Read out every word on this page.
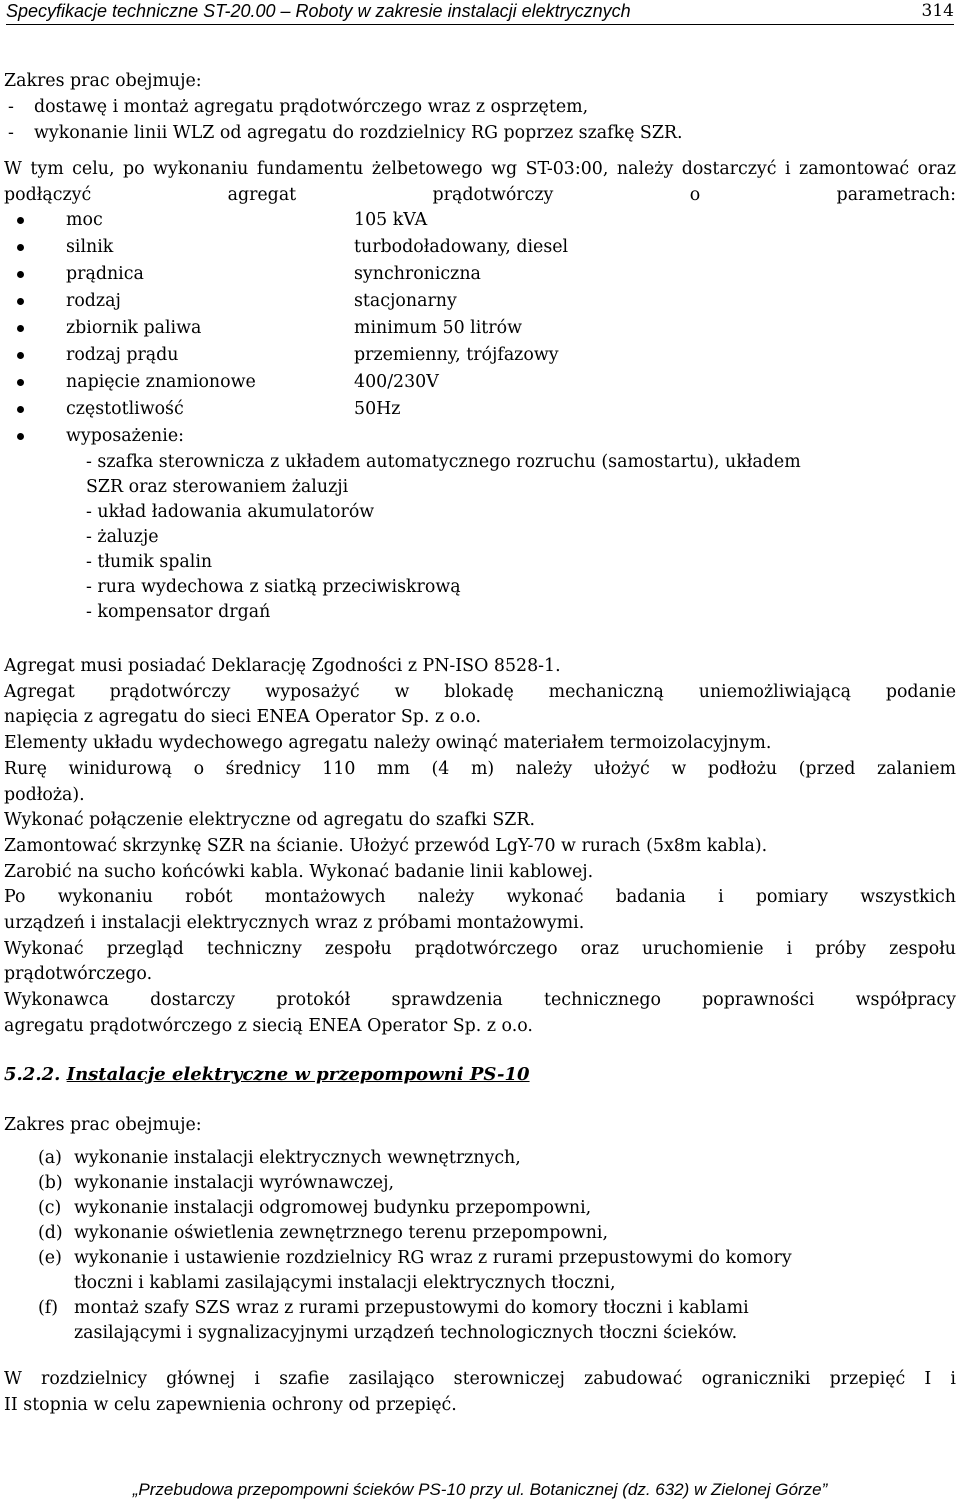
Specyfikacje techniczne ST-20.00 – Roboty w zakresie instalacji elektrycznych	314

Zakres prac obejmuje:

- dostawę i montaż agregatu prądotwórczego wraz z osprzętem,
- wykonanie linii WLZ od agregatu do rozdzielnicy RG poprzez szafkę SZR.
W tym celu, po wykonaniu fundamentu żelbetowego wg ST-03:00, należy dostarczyć i zamontować oraz podłączyć agregat prądotwórczy o parametrach:
moc	105 kVA
silnik	turbodoładowany, diesel
prądnica	synchroniczna
rodzaj	stacjonarny
zbiornik paliwa	minimum 50 litrów
rodzaj prądu	przemienny, trójfazowy
napięcie znamionowe	400/230V
częstotliwość	50Hz
wyposażenie:
- szafka sterownicza z układem automatycznego rozruchu (samostartu), układem
SZR oraz sterowaniem żaluzji
- układ ładowania akumulatorów
- żaluzje
- tłumik spalin
- rura wydechowa z siatką przeciwiskrową
- kompensator drgań
Agregat musi posiadać Deklarację Zgodności z PN-ISO 8528-1.
Agregat prądotwórczy wyposażyć w blokadę mechaniczną uniemożliwiającą podanie
napięcia z agregatu do sieci ENEA Operator Sp. z o.o.
Elementy układu wydechowego agregatu należy owinąć materiałem termoizolacyjnym.
Rurę winidurową o średnicy 110 mm (4 m) należy ułożyć w podłożu (przed zalaniem
podłoża).
Wykonać połączenie elektryczne od agregatu do szafki SZR.
Zamontować skrzynkę SZR na ścianie. Ułożyć przewód LgY-70 w rurach (5x8m kabla).
Zarobić na sucho końcówki kabla. Wykonać badanie linii kablowej.
Po wykonaniu robót montażowych należy wykonać badania i pomiary wszystkich
urządzeń i instalacji elektrycznych wraz z próbami montażowymi.
Wykonać przegląd techniczny zespołu prądotwórczego oraz uruchomienie i próby zespołu
prądotwórczego.
Wykonawca dostarczy protokół sprawdzenia technicznego poprawności współpracy
agregatu prądotwórczego z siecią ENEA Operator Sp. z o.o.
5.2.2. Instalacje elektryczne w przepompowni PS-10

Zakres prac obejmuje:

(a) wykonanie instalacji elektrycznych wewnętrznych,
(b) wykonanie instalacji wyrównawczej,
(c) wykonanie instalacji odgromowej budynku przepompowni,
(d) wykonanie oświetlenia zewnętrznego terenu przepompowni,
(e) wykonanie i ustawienie rozdzielnicy RG wraz z rurami przepustowymi do komory
tłoczni i kablami zasilającymi instalacji elektrycznych tłoczni,
(f) montaż szafy SZS wraz z rurami przepustowymi do komory tłoczni i kablami
zasilającymi i sygnalizacyjnymi urządzeń technologicznych tłoczni ścieków.
W rozdzielnicy głównej i szafie zasilająco sterowniczej zabudować ograniczniki przepięć I i
II stopnia w celu zapewnienia ochrony od przepięć.
„Przebudowa przepompowni ścieków PS-10 przy ul. Botanicznej (dz. 632) w Zielonej Górze”
